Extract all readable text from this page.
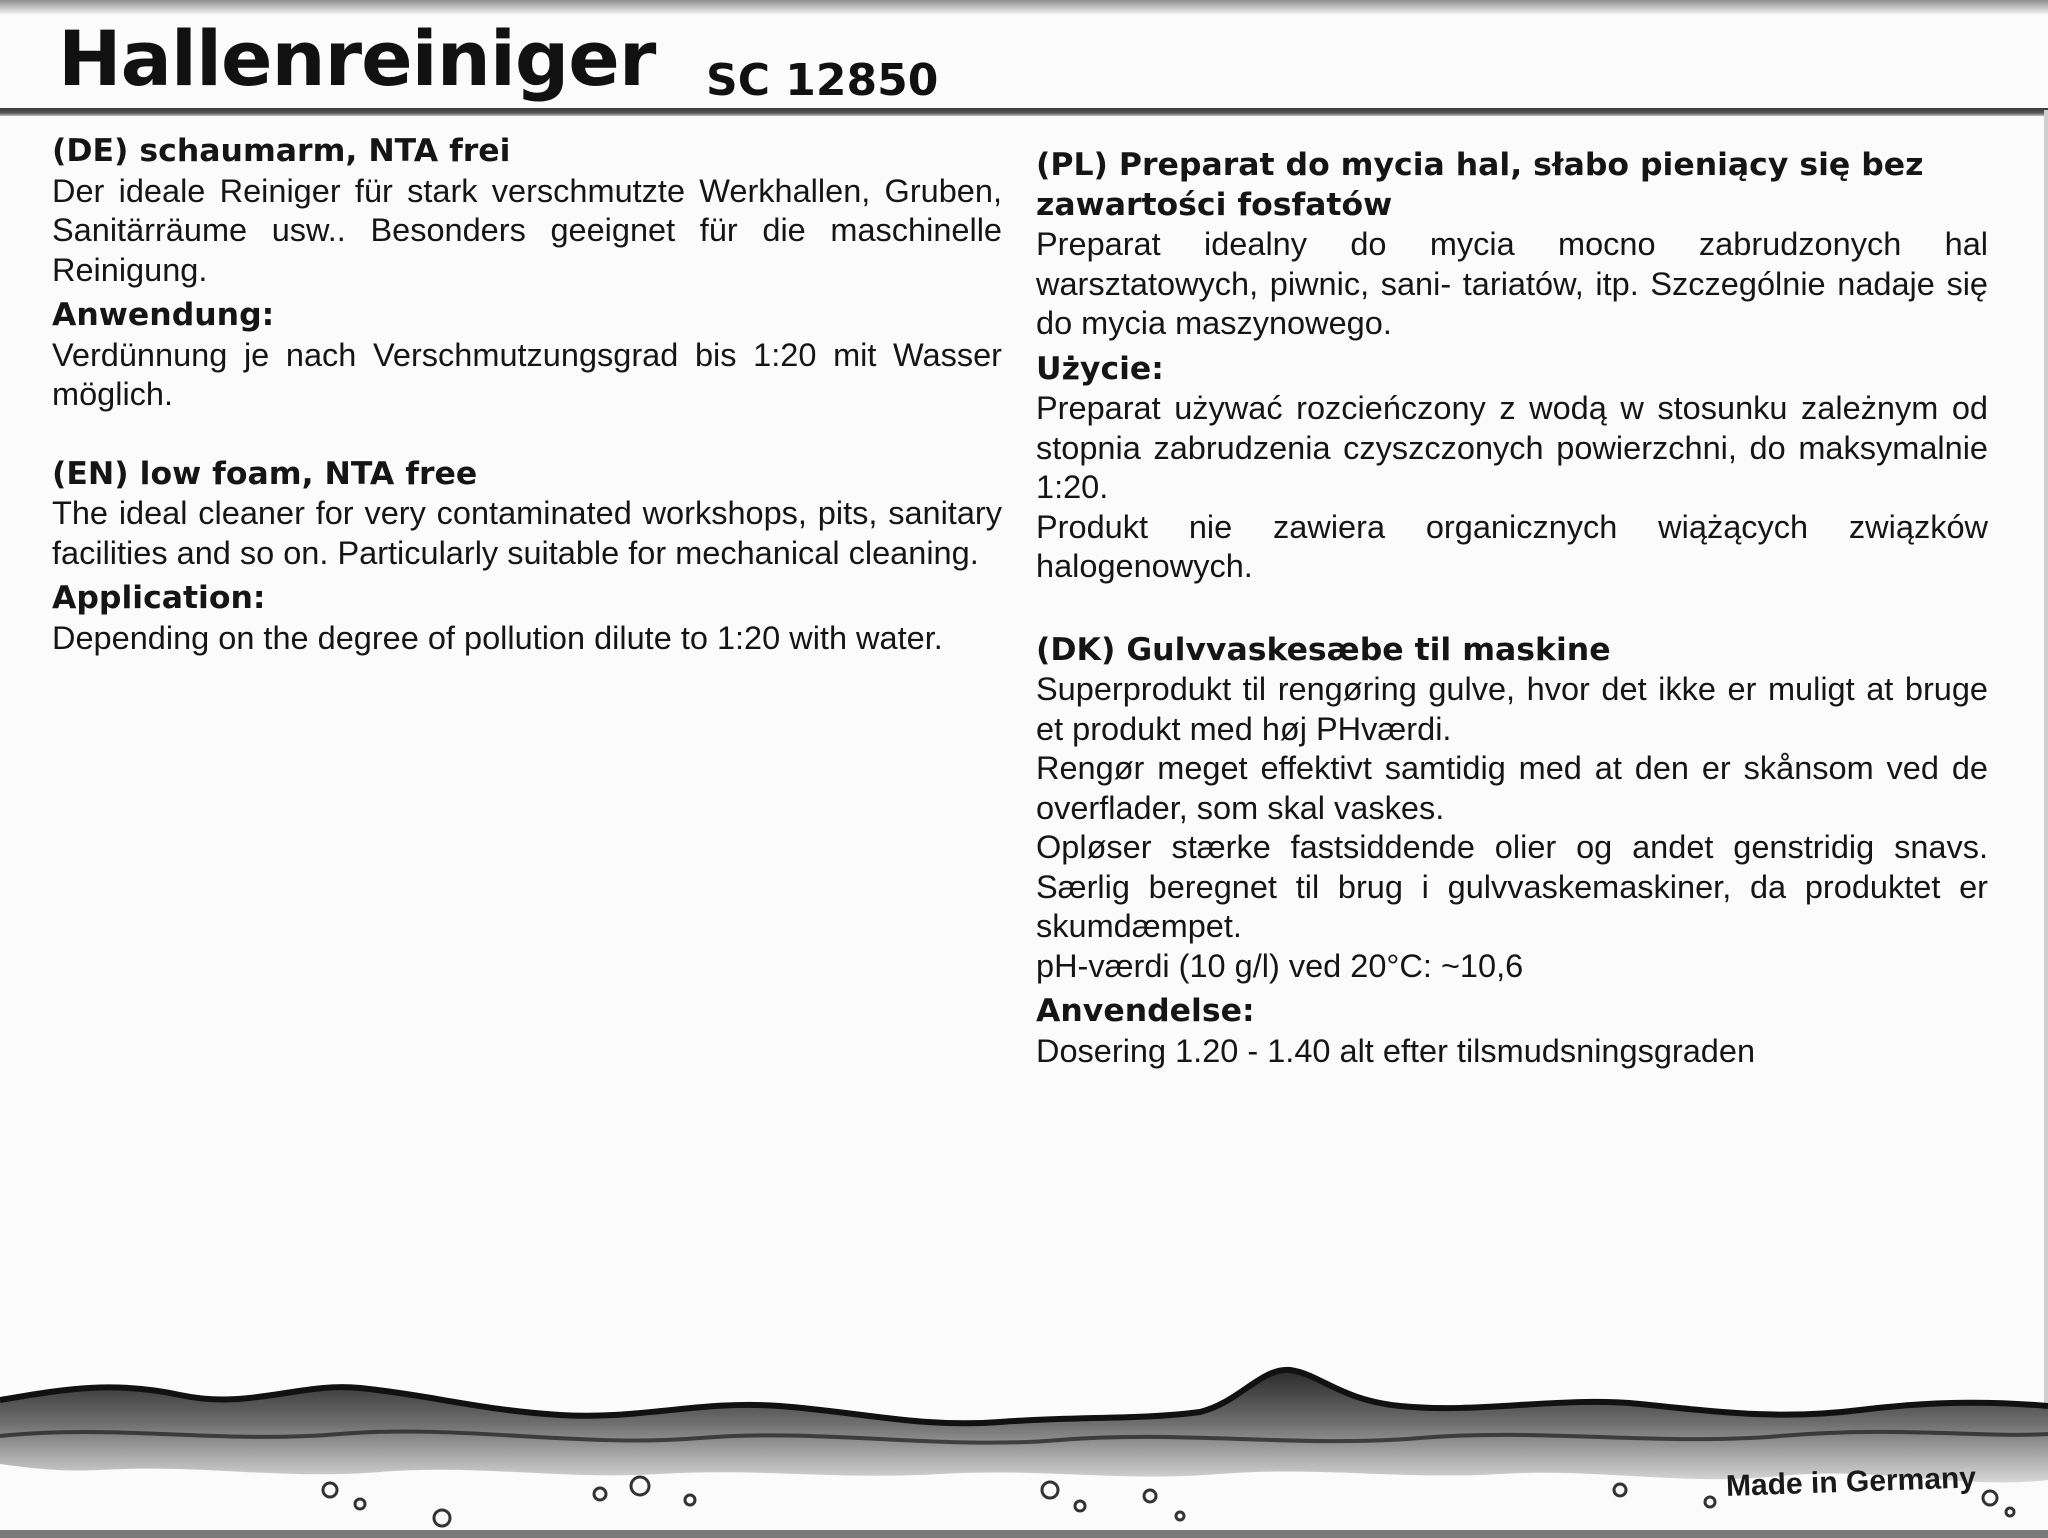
Hallenreiniger SC 12850
(DE) schaumarm, NTA frei

Der ideale Reiniger für stark verschmutzte Werkhallen, Gruben, Sanitärräume usw.. Besonders geeignet für die maschinelle Reinigung.

Anwendung:

Verdünnung je nach Verschmutzungsgrad bis 1:20 mit Wasser möglich.

(EN) low foam, NTA free

The ideal cleaner for very contaminated workshops, pits, sanitary facilities and so on. Particularly suitable for mechanical cleaning.

Application:

Depending on the degree of pollution dilute to 1:20 with water.

(PL) Preparat do mycia hal, słabo pieniący się bez zawartości fosfatów

Preparat idealny do mycia mocno zabrudzonych hal warsztatowych, piwnic, sani- tariatów, itp. Szczególnie nadaje się do mycia maszynowego.

Użycie:

Preparat używać rozcieńczony z wodą w stosunku zależnym od stopnia zabrudzenia czyszczonych powierzchni, do maksymalnie 1:20.

Produkt nie zawiera organicznych wiążących związków halogenowych.

(DK) Gulvvaskesæbe til maskine

Superprodukt til rengøring gulve, hvor det ikke er muligt at bruge et produkt med høj PHværdi.

Rengør meget effektivt samtidig med at den er skånsom ved de overflader, som skal vaskes.

Opløser stærke fastsiddende olier og andet genstridig snavs. Særlig beregnet til brug i gulvvaskemaskiner, da produktet er skumdæmpet.

pH-værdi (10 g/l) ved 20°C: ~10,6

Anvendelse:

Dosering 1.20 - 1.40 alt efter tilsmudsningsgraden

Made in Germany
